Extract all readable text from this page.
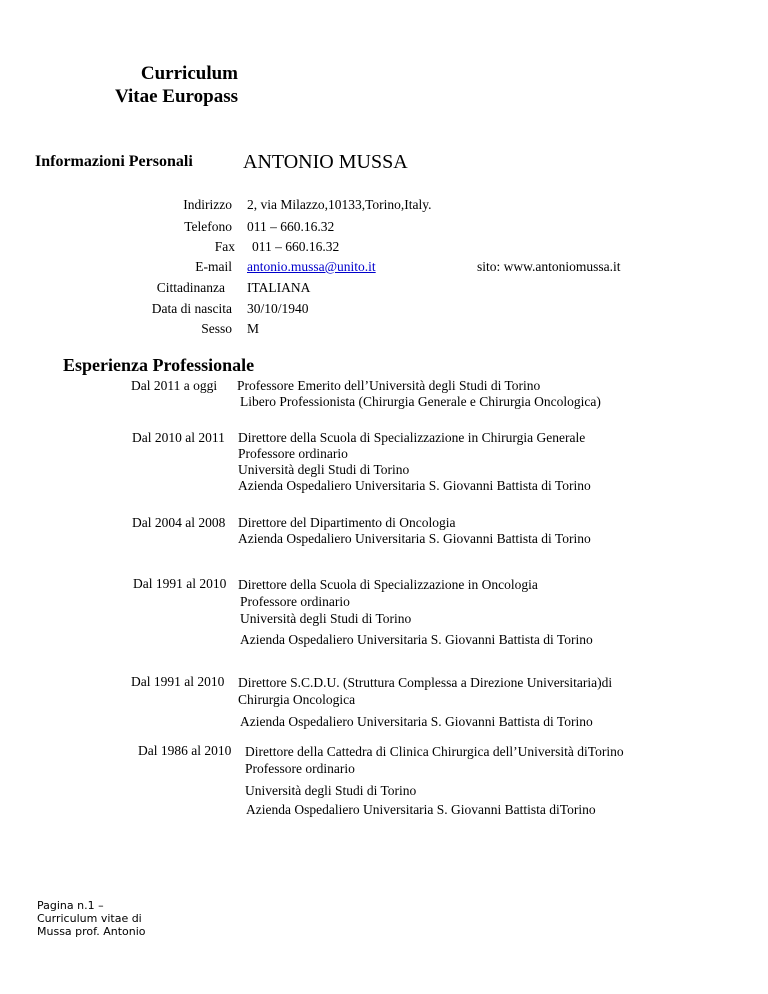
Curriculum
Vitae Europass
Informazioni Personali	ANTONIO MUSSA
Indirizzo 2, via Milazzo,10133,Torino,Italy.
Telefono 011 – 660.16.32
Fax 011 – 660.16.32
E-mail antonio.mussa@unito.it	sito: www.antoniomussa.it
Cittadinanza ITALIANA
Data di nascita 30/10/1940
Sesso M
Esperienza Professionale
Dal 2011 a oggi Professore Emerito dell’Università degli Studi di Torino
Libero Professionista (Chirurgia Generale e Chirurgia Oncologica)
Dal 2010 al 2011 Direttore della Scuola di Specializzazione in Chirurgia Generale
Professore ordinario
Università degli Studi di Torino
Azienda Ospedaliero Universitaria S. Giovanni Battista di Torino
Dal 2004 al 2008 Direttore del Dipartimento di Oncologia
Azienda Ospedaliero Universitaria S. Giovanni Battista di Torino
Dal 1991 al 2010 Direttore della Scuola di Specializzazione in Oncologia
Professore ordinario
Università degli Studi di Torino
Azienda Ospedaliero Universitaria S. Giovanni Battista di Torino
Dal 1991 al 2010 Direttore S.C.D.U. (Struttura Complessa a Direzione Universitaria)di
Chirurgia Oncologica
Azienda Ospedaliero Universitaria S. Giovanni Battista di Torino
Dal 1986 al 2010 Direttore della Cattedra di Clinica Chirurgica dell’Università diTorino
Professore ordinario
Università degli Studi di Torino
Azienda Ospedaliero Universitaria S. Giovanni Battista diTorino
Pagina n.1 –
Curriculum vitae di
Mussa prof. Antonio
